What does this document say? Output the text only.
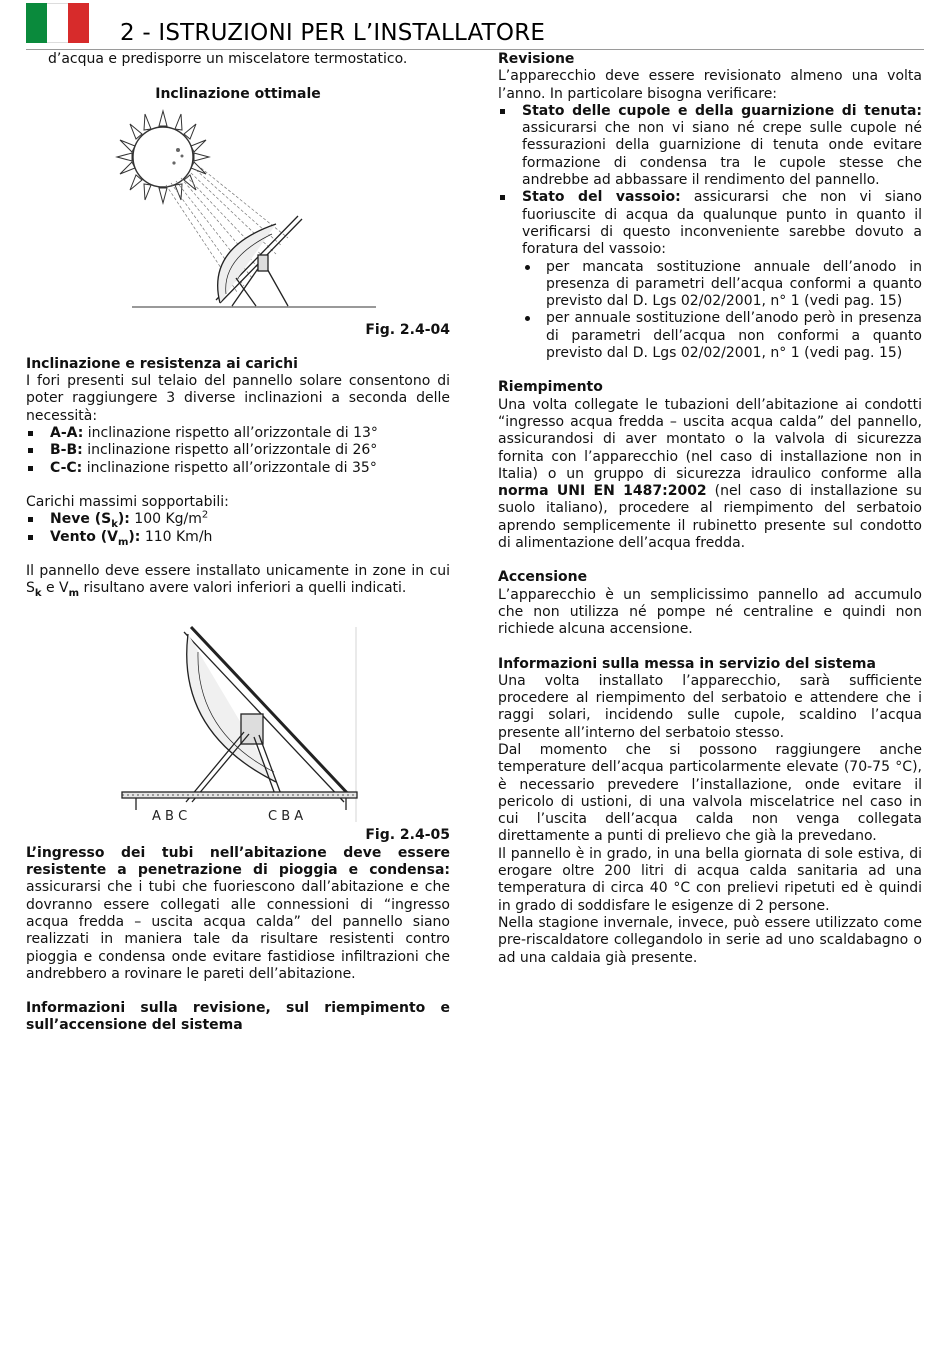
2 - ISTRUZIONI PER L’INSTALLATORE

d’acqua e predisporre un miscelatore termostatico.

Inclinazione ottimale

Fig. 2.4-04

Inclinazione e resistenza ai carichi

I fori presenti sul telaio del pannello solare consentono di poter raggiungere 3 diverse inclinazioni a seconda delle necessità:

A-A: inclinazione rispetto all’orizzontale di 13°
B-B: inclinazione rispetto all’orizzontale di 26°
C-C: inclinazione rispetto all’orizzontale di 35°

Carichi massimi sopportabili:

Neve $(S_k)$: 100 $Kg/m^2$
Vento $(V_m)$: 110 Km/h

Il pannello deve essere installato unicamente in zone in cui $S_k$ e $V_m$ risultano avere valori inferiori a quelli indicati.

A B C	C B A

Fig. 2.4-05

L’ingresso dei tubi nell’abitazione deve essere resistente a penetrazione di pioggia e condensa: assicurarsi che i tubi che fuoriescono dall’abitazione e che dovranno essere collegati alle connessioni di “ingresso acqua fredda – uscita acqua calda” del pannello siano realizzati in maniera tale da risultare resistenti contro pioggia e condensa onde evitare fastidiose infiltrazioni che andrebbero a rovinare le pareti dell’abitazione.

Informazioni sulla revisione, sul riempimento e sull’accensione del sistema

Revisione

L’apparecchio deve essere revisionato almeno una volta l’anno. In particolare bisogna verificare:

Stato delle cupole e della guarnizione di tenuta: assicurarsi che non vi siano né crepe sulle cupole né fessurazioni della guarnizione di tenuta onde evitare formazione di condensa tra le cupole stesse che andrebbe ad abbassare il rendimento del pannello.
Stato del vassoio: assicurarsi che non vi siano fuoriuscite di acqua da qualunque punto in quanto il verificarsi di questo inconveniente sarebbe dovuto a foratura del vassoio:
per mancata sostituzione annuale dell’anodo in presenza di parametri dell’acqua conformi a quanto previsto dal D. Lgs 02/02/2001, n° 1 (vedi pag. 15)
per annuale sostituzione dell’anodo però in presenza di parametri dell’acqua non conformi a quanto previsto dal D. Lgs 02/02/2001, n° 1 (vedi pag. 15)
Riempimento

Una volta collegate le tubazioni dell’abitazione ai condotti “ingresso acqua fredda – uscita acqua calda” del pannello, assicurandosi di aver montato o la valvola di sicurezza fornita con l’apparecchio (nel caso di installazione non in Italia) o un gruppo di sicurezza idraulico conforme alla norma UNI EN 1487:2002 (nel caso di installazione su suolo italiano), procedere al riempimento del serbatoio aprendo semplicemente il rubinetto presente sul condotto di alimentazione dell’acqua fredda.

Accensione

L’apparecchio è un semplicissimo pannello ad accumulo che non utilizza né pompe né centraline e quindi non richiede alcuna accensione.

Informazioni sulla messa in servizio del sistema

Una volta installato l’apparecchio, sarà sufficiente procedere al riempimento del serbatoio e attendere che i raggi solari, incidendo sulle cupole, scaldino l’acqua presente all’interno del serbatoio stesso.

Dal momento che si possono raggiungere anche temperature dell’acqua particolarmente elevate (70-75 °C), è necessario prevedere l’installazione, onde evitare il pericolo di ustioni, di una valvola miscelatrice nel caso in cui l’uscita dell’acqua calda non venga collegata direttamente a punti di prelievo che già la prevedano.

Il pannello è in grado, in una bella giornata di sole estiva, di erogare oltre 200 litri di acqua calda sanitaria ad una temperatura di circa 40 °C con prelievi ripetuti ed è quindi in grado di soddisfare le esigenze di 2 persone.

Nella stagione invernale, invece, può essere utilizzato come pre-riscaldatore collegandolo in serie ad uno scaldabagno o ad una caldaia già presente.
